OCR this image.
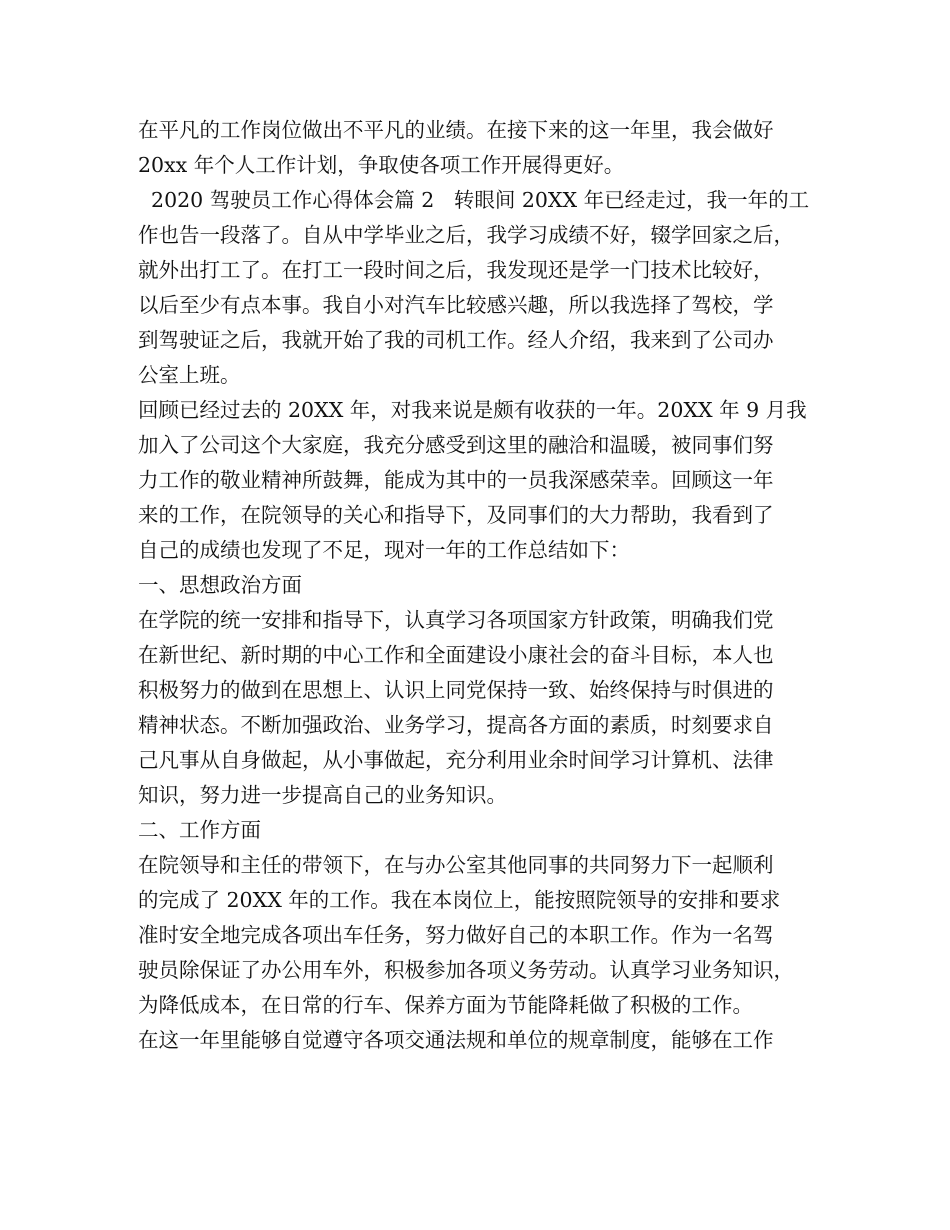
在平凡的工作岗位做出不平凡的业绩。在接下来的这一年里，我会做好

20xx 年个人工作计划，争取使各项工作开展得更好。

2020 驾驶员工作心得体会篇 2   转眼间 20XX 年已经走过，我一年的工

作也告一段落了。自从中学毕业之后，我学习成绩不好，辍学回家之后，

就外出打工了。在打工一段时间之后，我发现还是学一门技术比较好，

以后至少有点本事。我自小对汽车比较感兴趣，所以我选择了驾校，学

到驾驶证之后，我就开始了我的司机工作。经人介绍，我来到了公司办

公室上班。

回顾已经过去的 20XX 年，对我来说是颇有收获的一年。20XX 年 9 月我

加入了公司这个大家庭，我充分感受到这里的融洽和温暖，被同事们努

力工作的敬业精神所鼓舞，能成为其中的一员我深感荣幸。回顾这一年

来的工作，在院领导的关心和指导下，及同事们的大力帮助，我看到了

自己的成绩也发现了不足，现对一年的工作总结如下：

一、思想政治方面

在学院的统一安排和指导下，认真学习各项国家方针政策，明确我们党

在新世纪、新时期的中心工作和全面建设小康社会的奋斗目标，本人也

积极努力的做到在思想上、认识上同党保持一致、始终保持与时俱进的

精神状态。不断加强政治、业务学习，提高各方面的素质，时刻要求自

己凡事从自身做起，从小事做起，充分利用业余时间学习计算机、法律

知识，努力进一步提高自己的业务知识。

二、工作方面

在院领导和主任的带领下，在与办公室其他同事的共同努力下一起顺利

的完成了 20XX 年的工作。我在本岗位上，能按照院领导的安排和要求

准时安全地完成各项出车任务，努力做好自己的本职工作。作为一名驾

驶员除保证了办公用车外，积极参加各项义务劳动。认真学习业务知识，

为降低成本，在日常的行车、保养方面为节能降耗做了积极的工作。

在这一年里能够自觉遵守各项交通法规和单位的规章制度，能够在工作
